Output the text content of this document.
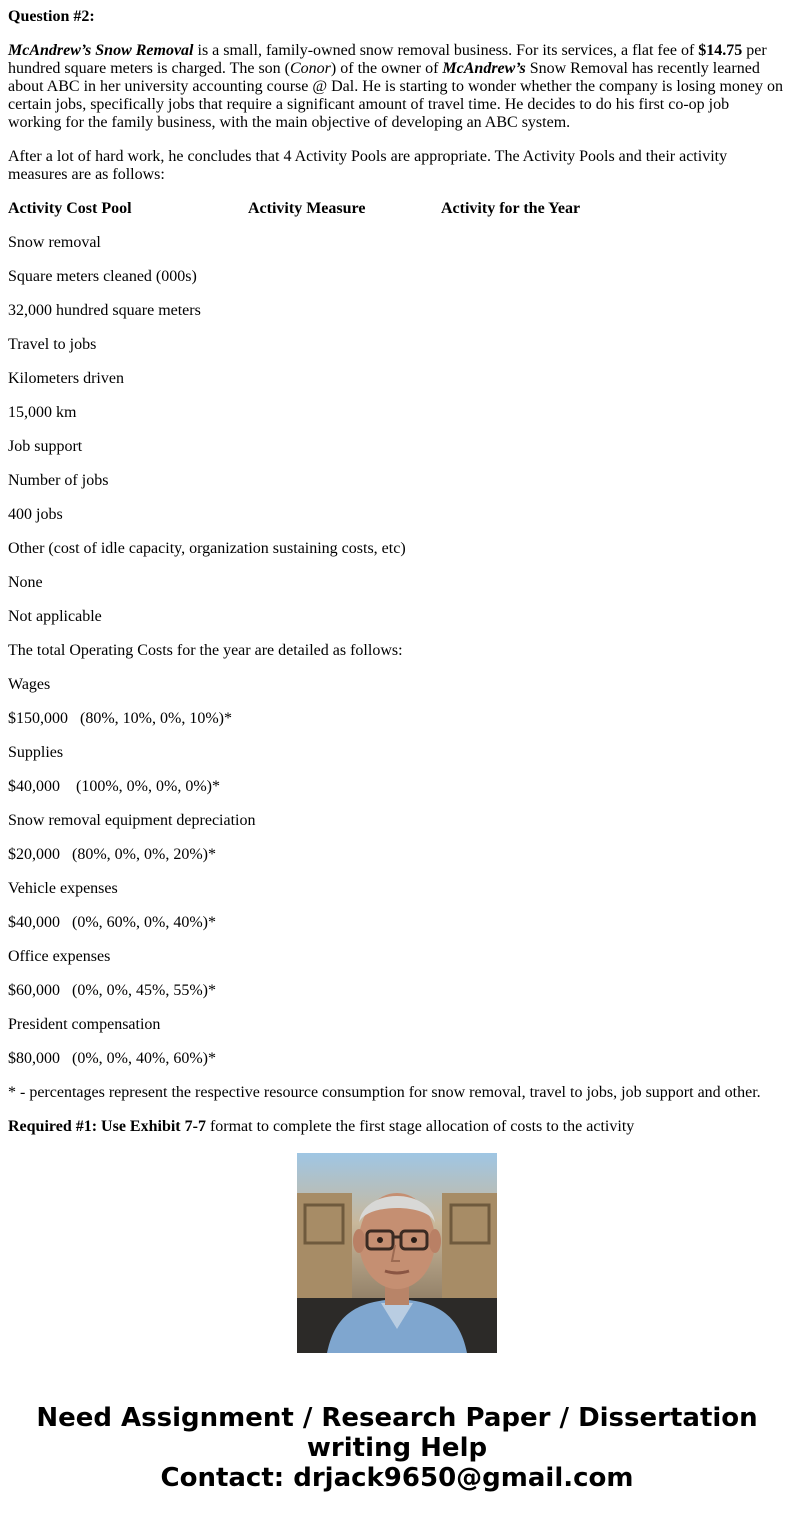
Question #2:

McAndrew’s Snow Removal is a small, family-owned snow removal business. For its services, a flat fee of $14.75 per hundred square meters is charged. The son (Conor) of the owner of McAndrew’s Snow Removal has recently learned about ABC in her university accounting course @ Dal. He is starting to wonder whether the company is losing money on certain jobs, specifically jobs that require a significant amount of travel time. He decides to do his first co-op job working for the family business, with the main objective of developing an ABC system.

After a lot of hard work, he concludes that 4 Activity Pools are appropriate. The Activity Pools and their activity measures are as follows:

Activity Cost Pool	Activity Measure	Activity for the Year

Snow removal

Square meters cleaned (000s)

32,000 hundred square meters

Travel to jobs

Kilometers driven

15,000 km

Job support

Number of jobs

400 jobs

Other (cost of idle capacity, organization sustaining costs, etc)

None

Not applicable

The total Operating Costs for the year are detailed as follows:

Wages

$150,000   (80%, 10%, 0%, 10%)*

Supplies

$40,000    (100%, 0%, 0%, 0%)*

Snow removal equipment depreciation

$20,000   (80%, 0%, 0%, 20%)*

Vehicle expenses

$40,000   (0%, 60%, 0%, 40%)*

Office expenses

$60,000   (0%, 0%, 45%, 55%)*

President compensation

$80,000   (0%, 0%, 40%, 60%)*

* - percentages represent the respective resource consumption for snow removal, travel to jobs, job support and other.

Required #1: Use Exhibit 7-7 format to complete the first stage allocation of costs to the activity

Need Assignment / Research Paper / Dissertation
writing Help
Contact: drjack9650@gmail.com
